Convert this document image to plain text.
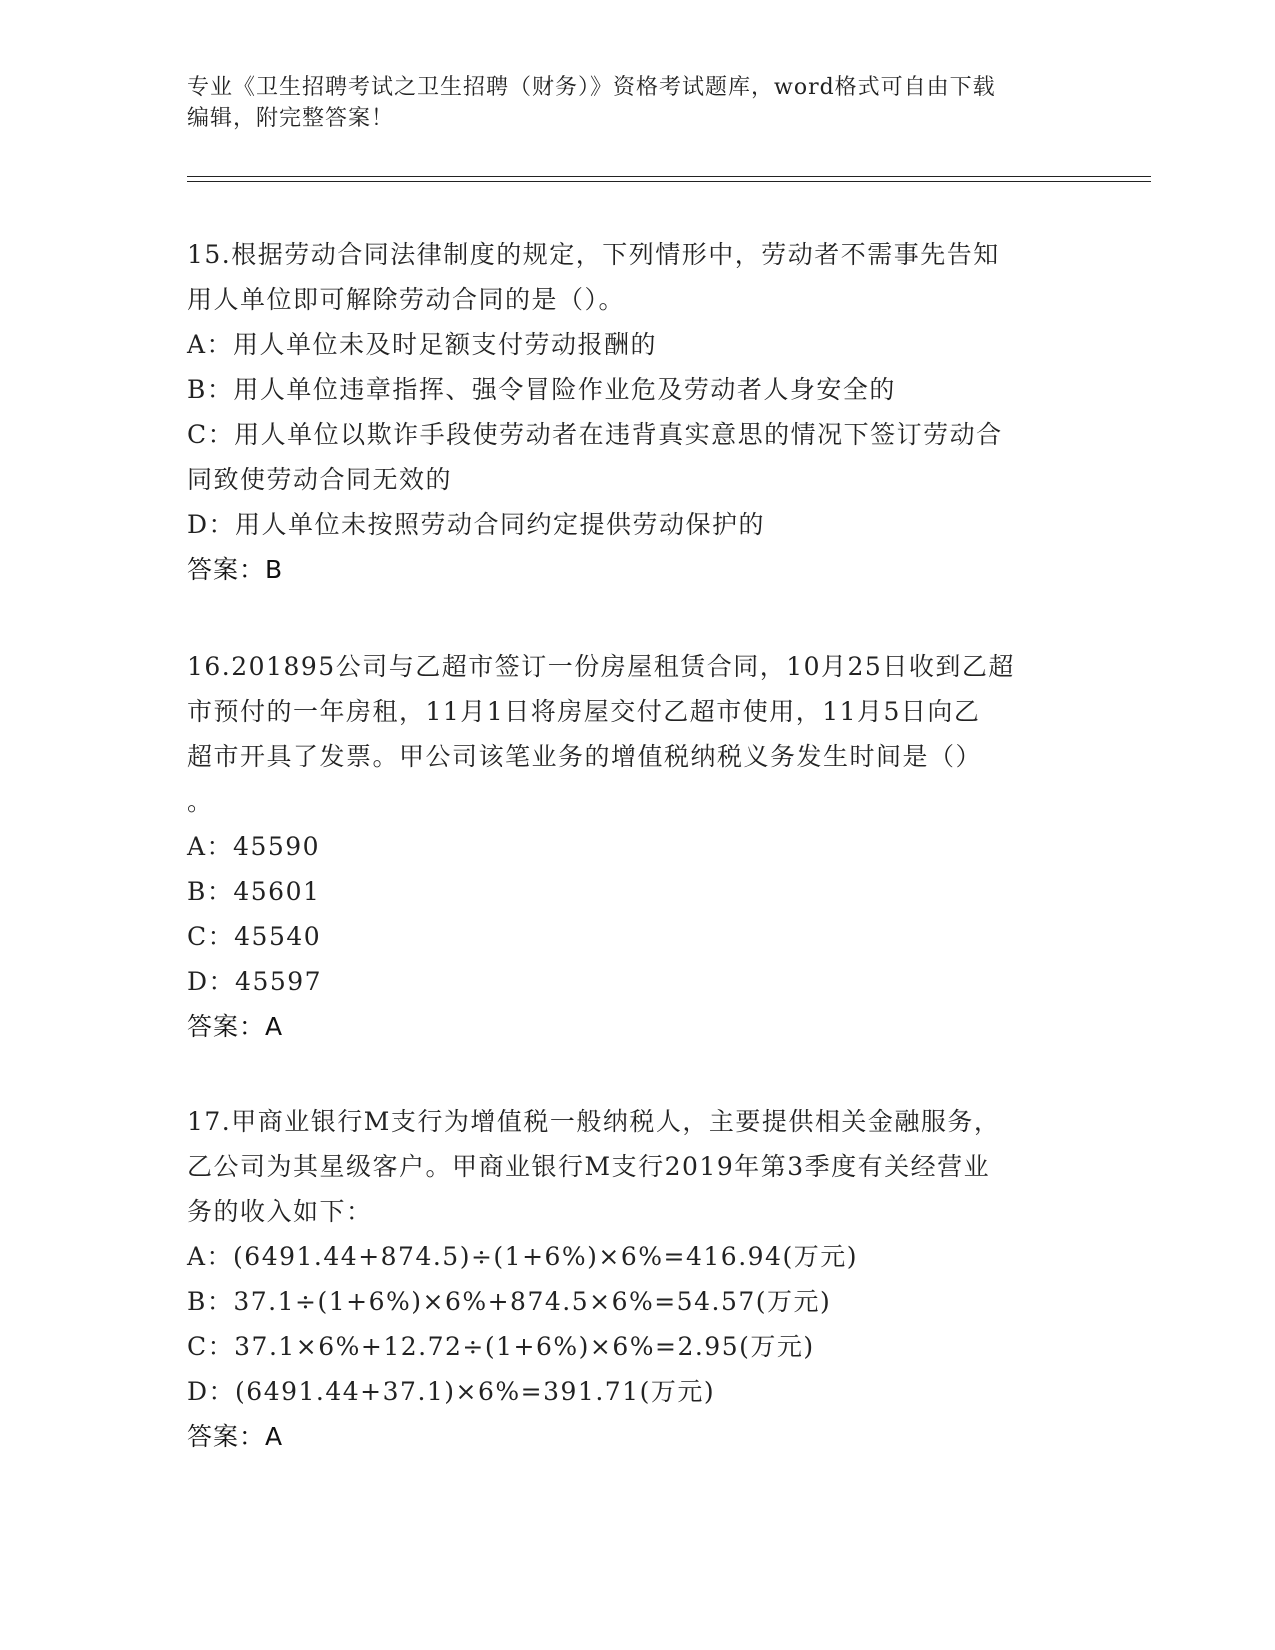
专业《卫生招聘考试之卫生招聘（财务）》资格考试题库，word格式可自由下载
编辑，附完整答案！
15.根据劳动合同法律制度的规定，下列情形中，劳动者不需事先告知
用人单位即可解除劳动合同的是（）。
A：用人单位未及时足额支付劳动报酬的
B：用人单位违章指挥、强令冒险作业危及劳动者人身安全的
C：用人单位以欺诈手段使劳动者在违背真实意思的情况下签订劳动合
同致使劳动合同无效的
D：用人单位未按照劳动合同约定提供劳动保护的
答案：B
16.201895公司与乙超市签订一份房屋租赁合同，10月25日收到乙超
市预付的一年房租，11月1日将房屋交付乙超市使用，11月5日向乙
超市开具了发票。甲公司该笔业务的增值税纳税义务发生时间是（）
。
A：45590
B：45601
C：45540
D：45597
答案：A
17.甲商业银行M支行为增值税一般纳税人，主要提供相关金融服务，
乙公司为其星级客户。甲商业银行M支行2019年第3季度有关经营业
务的收入如下：
A：(6491.44+874.5)÷(1+6%)×6%=416.94(万元)
B：37.1÷(1+6%)×6%+874.5×6%=54.57(万元)
C：37.1×6%+12.72÷(1+6%)×6%=2.95(万元)
D：(6491.44+37.1)×6%=391.71(万元)
答案：A
